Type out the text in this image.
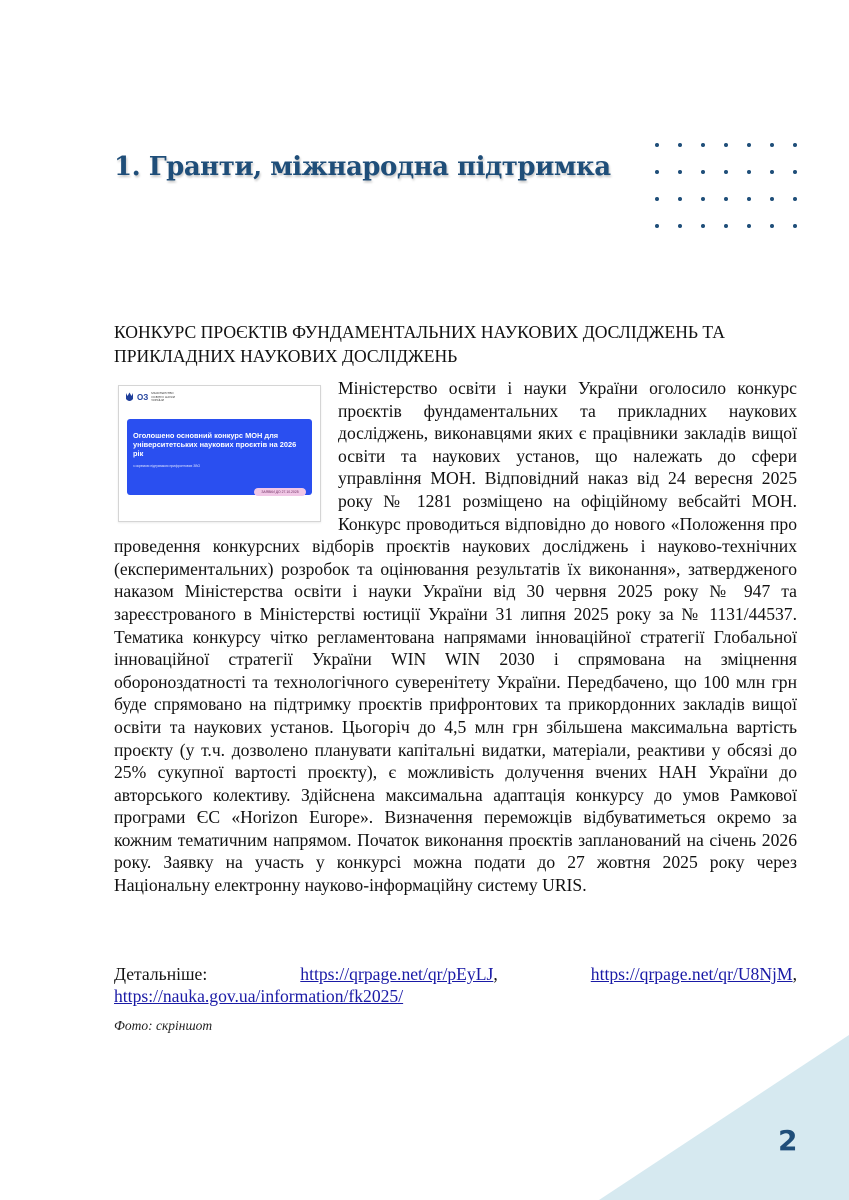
1. Гранти, міжнародна підтримка
КОНКУРС ПРОЄКТІВ ФУНДАМЕНТАЛЬНИХ НАУКОВИХ ДОСЛІДЖЕНЬ ТА ПРИКЛАДНИХ НАУКОВИХ ДОСЛІДЖЕНЬ
ОЗ МІНІСТЕРСТВО ОСВІТИ І НАУКИ УКРАЇНИ

Оголошено основний конкурс МОН для університетських наукових проєктів на 2026 рік

з окремою підтримкою прифронтових ЗВО

ЗАЯВКИ ДО 27.10.2025

Міністерство освіти і науки України оголосило конкурс проєктів фундаментальних та прикладних наукових досліджень, виконавцями яких є працівники закладів вищої освіти та наукових установ, що належать до сфери управління МОН. Відповідний наказ від 24 вересня 2025 року № 1281 розміщено на офіційному вебсайті МОН. Конкурс проводиться відповідно до нового «Положення про проведення конкурсних відборів проєктів наукових досліджень і науково-технічних (експериментальних) розробок та оцінювання результатів їх виконання», затвердженого наказом Міністерства освіти і науки України від 30 червня 2025 року № 947 та зареєстрованого в Міністерстві юстиції України 31 липня 2025 року за № 1131/44537. Тематика конкурсу чітко регламентована напрямами інноваційної стратегії Глобальної інноваційної стратегії України WIN WIN 2030 і спрямована на зміцнення обороноздатності та технологічного суверенітету України. Передбачено, що 100 млн грн буде спрямовано на підтримку проєктів прифронтових та прикордонних закладів вищої освіти та наукових установ. Цьогоріч до 4,5 млн грн збільшена максимальна вартість проєкту (у т.ч. дозволено планувати капітальні видатки, матеріали, реактиви у обсязі до 25% сукупної вартості проєкту), є можливість долучення вчених НАН України до авторського колективу. Здійснена максимальна адаптація конкурсу до умов Рамкової програми ЄС «Horizon Europe». Визначення переможців відбуватиметься окремо за кожним тематичним напрямом. Початок виконання проєктів запланований на січень 2026 року. Заявку на участь у конкурсі можна подати до 27 жовтня 2025 року через Національну електронну науково-інформаційну систему URIS.

Детальніше:	https://qrpage.net/qr/pEyLJ, https://qrpage.net/qr/U8NjM,

https://nauka.gov.ua/information/fk2025/

Фото: скріншот

2
